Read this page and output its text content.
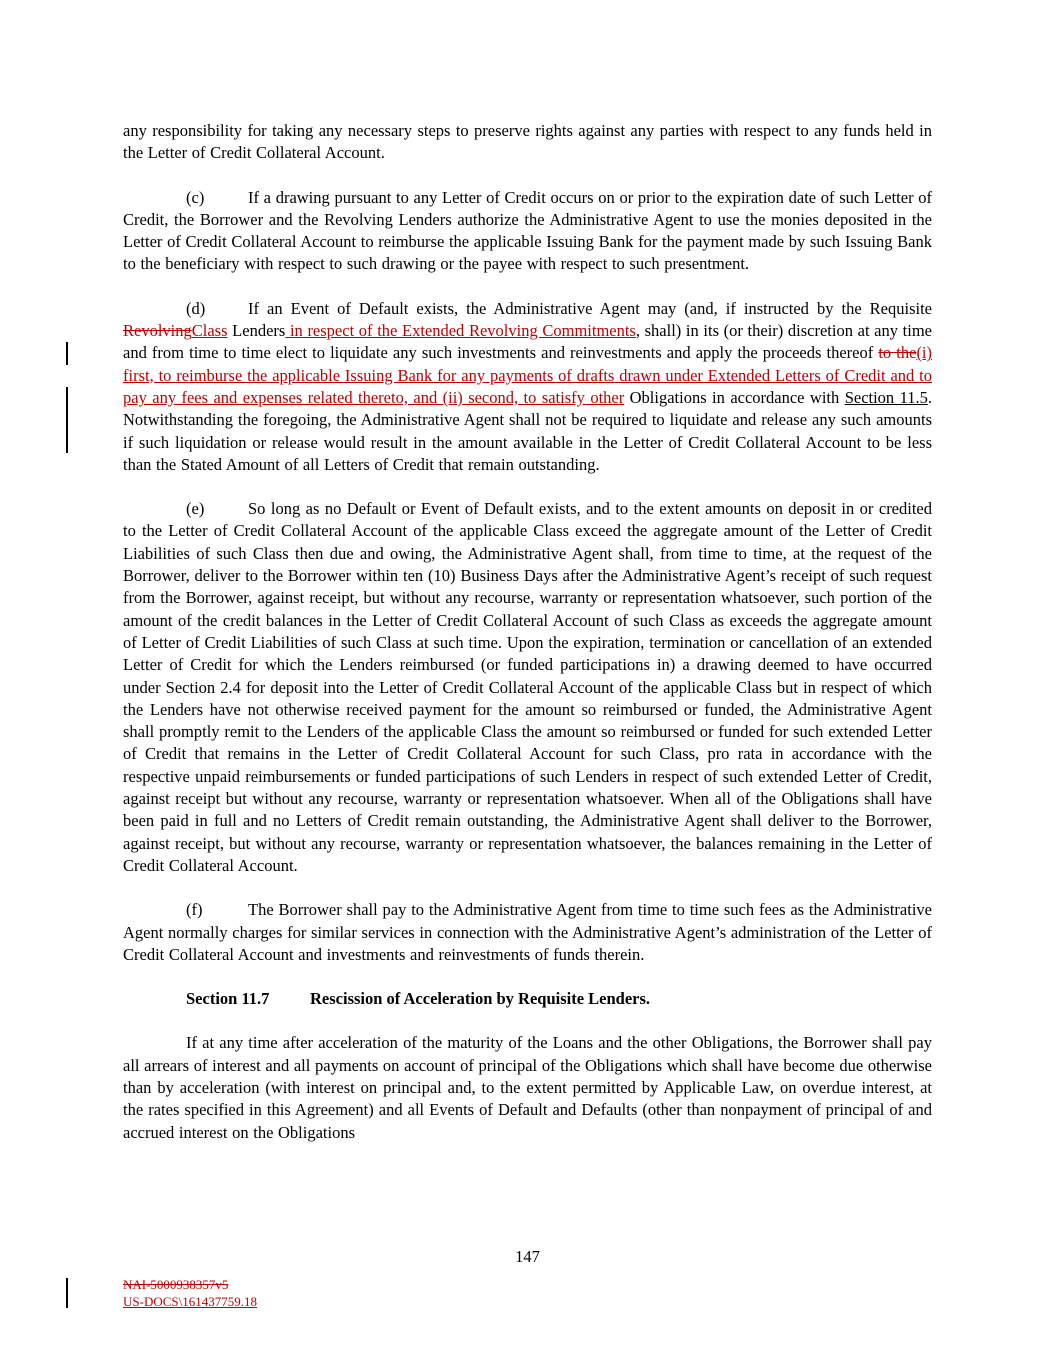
any responsibility for taking any necessary steps to preserve rights against any parties with respect to any funds held in the Letter of Credit Collateral Account.

(c)	If a drawing pursuant to any Letter of Credit occurs on or prior to the expiration date of such Letter of Credit, the Borrower and the Revolving Lenders authorize the Administrative Agent to use the monies deposited in the Letter of Credit Collateral Account to reimburse the applicable Issuing Bank for the payment made by such Issuing Bank to the beneficiary with respect to such drawing or the payee with respect to such presentment.

(d)	If an Event of Default exists, the Administrative Agent may (and, if instructed by the Requisite RevolvingClass Lenders in respect of the Extended Revolving Commitments, shall) in its (or their) discretion at any time and from time to time elect to liquidate any such investments and reinvestments and apply the proceeds thereof to the(i) first, to reimburse the applicable Issuing Bank for any payments of drafts drawn under Extended Letters of Credit and to pay any fees and expenses related thereto, and (ii) second, to satisfy other Obligations in accordance with Section 11.5. Notwithstanding the foregoing, the Administrative Agent shall not be required to liquidate and release any such amounts if such liquidation or release would result in the amount available in the Letter of Credit Collateral Account to be less than the Stated Amount of all Letters of Credit that remain outstanding.

(e)	So long as no Default or Event of Default exists, and to the extent amounts on deposit in or credited to the Letter of Credit Collateral Account of the applicable Class exceed the aggregate amount of the Letter of Credit Liabilities of such Class then due and owing, the Administrative Agent shall, from time to time, at the request of the Borrower, deliver to the Borrower within ten (10) Business Days after the Administrative Agent’s receipt of such request from the Borrower, against receipt, but without any recourse, warranty or representation whatsoever, such portion of the amount of the credit balances in the Letter of Credit Collateral Account of such Class as exceeds the aggregate amount of Letter of Credit Liabilities of such Class at such time. Upon the expiration, termination or cancellation of an extended Letter of Credit for which the Lenders reimbursed (or funded participations in) a drawing deemed to have occurred under Section 2.4 for deposit into the Letter of Credit Collateral Account of the applicable Class but in respect of which the Lenders have not otherwise received payment for the amount so reimbursed or funded, the Administrative Agent shall promptly remit to the Lenders of the applicable Class the amount so reimbursed or funded for such extended Letter of Credit that remains in the Letter of Credit Collateral Account for such Class, pro rata in accordance with the respective unpaid reimbursements or funded participations of such Lenders in respect of such extended Letter of Credit, against receipt but without any recourse, warranty or representation whatsoever. When all of the Obligations shall have been paid in full and no Letters of Credit remain outstanding, the Administrative Agent shall deliver to the Borrower, against receipt, but without any recourse, warranty or representation whatsoever, the balances remaining in the Letter of Credit Collateral Account.

(f)	The Borrower shall pay to the Administrative Agent from time to time such fees as the Administrative Agent normally charges for similar services in connection with the Administrative Agent’s administration of the Letter of Credit Collateral Account and investments and reinvestments of funds therein.

Section 11.7 Rescission of Acceleration by Requisite Lenders.

If at any time after acceleration of the maturity of the Loans and the other Obligations, the Borrower shall pay all arrears of interest and all payments on account of principal of the Obligations which shall have become due otherwise than by acceleration (with interest on principal and, to the extent permitted by Applicable Law, on overdue interest, at the rates specified in this Agreement) and all Events of Default and Defaults (other than nonpayment of principal of and accrued interest on the Obligations

147
NAI-5000938357v5
US-DOCS\161437759.18
